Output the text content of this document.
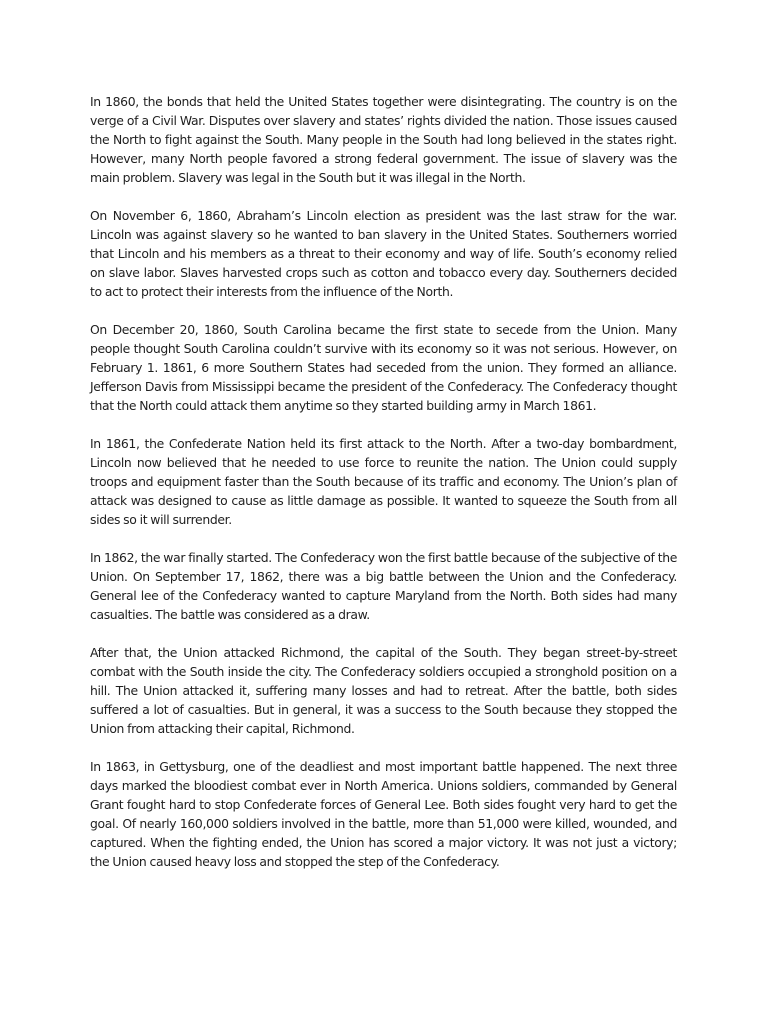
In 1860, the bonds that held the United States together were disintegrating. The country is on the verge of a Civil War. Disputes over slavery and states’ rights divided the nation. Those issues caused the North to fight against the South. Many people in the South had long believed in the states right. However, many North people favored a strong federal government. The issue of slavery was the main problem. Slavery was legal in the South but it was illegal in the North.

On November 6, 1860, Abraham’s Lincoln election as president was the last straw for the war. Lincoln was against slavery so he wanted to ban slavery in the United States. Southerners worried that Lincoln and his members as a threat to their economy and way of life. South’s economy relied on slave labor. Slaves harvested crops such as cotton and tobacco every day. Southerners decided to act to protect their interests from the influence of the North.

On December 20, 1860, South Carolina became the first state to secede from the Union. Many people thought South Carolina couldn’t survive with its economy so it was not serious. However, on February 1. 1861, 6 more Southern States had seceded from the union. They formed an alliance. Jefferson Davis from Mississippi became the president of the Confederacy. The Confederacy thought that the North could attack them anytime so they started building army in March 1861.

In 1861, the Confederate Nation held its first attack to the North. After a two-day bombardment, Lincoln now believed that he needed to use force to reunite the nation. The Union could supply troops and equipment faster than the South because of its traffic and economy. The Union’s plan of attack was designed to cause as little damage as possible. It wanted to squeeze the South from all sides so it will surrender.

In 1862, the war finally started. The Confederacy won the first battle because of the subjective of the Union. On September 17, 1862, there was a big battle between the Union and the Confederacy. General lee of the Confederacy wanted to capture Maryland from the North. Both sides had many casualties. The battle was considered as a draw.

After that, the Union attacked Richmond, the capital of the South. They began street-by-street combat with the South inside the city. The Confederacy soldiers occupied a stronghold position on a hill. The Union attacked it, suffering many losses and had to retreat. After the battle, both sides suffered a lot of casualties. But in general, it was a success to the South because they stopped the Union from attacking their capital, Richmond.

In 1863, in Gettysburg, one of the deadliest and most important battle happened. The next three days marked the bloodiest combat ever in North America. Unions soldiers, commanded by General Grant fought hard to stop Confederate forces of General Lee. Both sides fought very hard to get the goal. Of nearly 160,000 soldiers involved in the battle, more than 51,000 were killed, wounded, and captured. When the fighting ended, the Union has scored a major victory. It was not just a victory; the Union caused heavy loss and stopped the step of the Confederacy.
